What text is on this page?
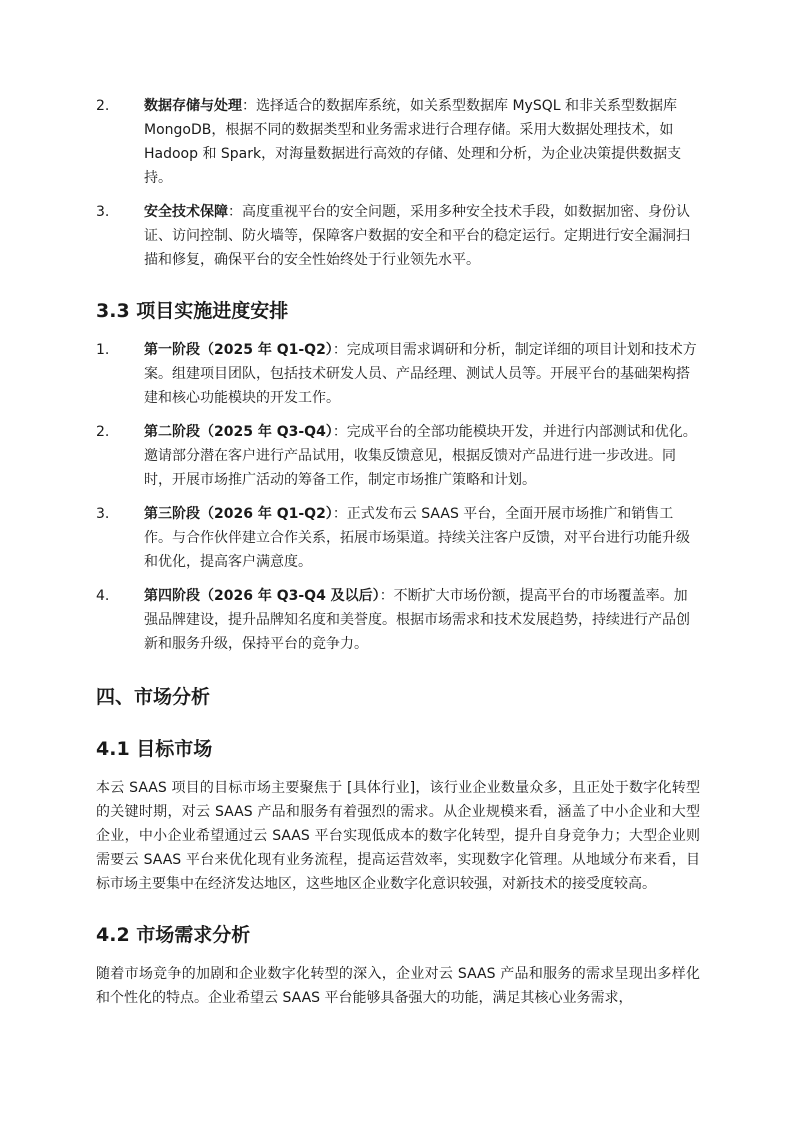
2. 数据存储与处理：选择适合的数据库系统，如关系型数据库 MySQL 和非关系型数据库 MongoDB，根据不同的数据类型和业务需求进行合理存储。采用大数据处理技术，如 Hadoop 和 Spark，对海量数据进行高效的存储、处理和分析，为企业决策提供数据支持。
3. 安全技术保障：高度重视平台的安全问题，采用多种安全技术手段，如数据加密、身份认证、访问控制、防火墙等，保障客户数据的安全和平台的稳定运行。定期进行安全漏洞扫描和修复，确保平台的安全性始终处于行业领先水平。
3.3 项目实施进度安排
1. 第一阶段（2025 年 Q1-Q2）：完成项目需求调研和分析，制定详细的项目计划和技术方案。组建项目团队，包括技术研发人员、产品经理、测试人员等。开展平台的基础架构搭建和核心功能模块的开发工作。
2. 第二阶段（2025 年 Q3-Q4）：完成平台的全部功能模块开发，并进行内部测试和优化。邀请部分潜在客户进行产品试用，收集反馈意见，根据反馈对产品进行进一步改进。同时，开展市场推广活动的筹备工作，制定市场推广策略和计划。
3. 第三阶段（2026 年 Q1-Q2）：正式发布云 SAAS 平台，全面开展市场推广和销售工作。与合作伙伴建立合作关系，拓展市场渠道。持续关注客户反馈，对平台进行功能升级和优化，提高客户满意度。
4. 第四阶段（2026 年 Q3-Q4 及以后）：不断扩大市场份额，提高平台的市场覆盖率。加强品牌建设，提升品牌知名度和美誉度。根据市场需求和技术发展趋势，持续进行产品创新和服务升级，保持平台的竞争力。
四、市场分析
4.1 目标市场

本云 SAAS 项目的目标市场主要聚焦于 [具体行业]，该行业企业数量众多，且正处于数字化转型的关键时期，对云 SAAS 产品和服务有着强烈的需求。从企业规模来看，涵盖了中小企业和大型企业，中小企业希望通过云 SAAS 平台实现低成本的数字化转型，提升自身竞争力；大型企业则需要云 SAAS 平台来优化现有业务流程，提高运营效率，实现数字化管理。从地域分布来看，目标市场主要集中在经济发达地区，这些地区企业数字化意识较强，对新技术的接受度较高。

4.2 市场需求分析

随着市场竞争的加剧和企业数字化转型的深入，企业对云 SAAS 产品和服务的需求呈现出多样化和个性化的特点。企业希望云 SAAS 平台能够具备强大的功能，满足其核心业务需求，
